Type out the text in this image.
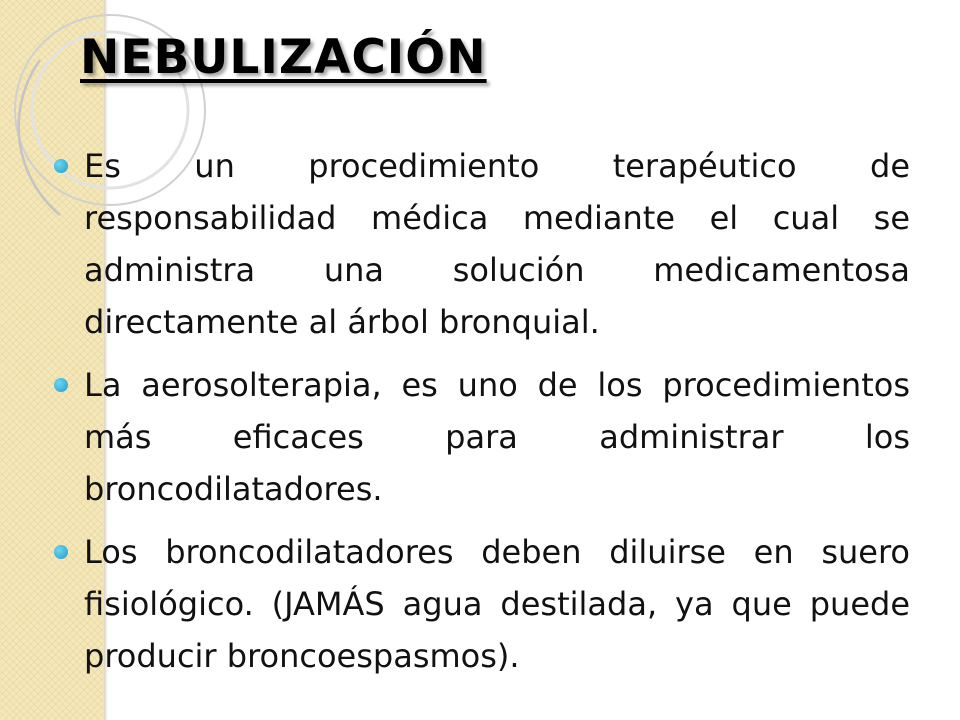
NEBULIZACIÓN
Es un procedimiento terapéutico de responsabilidad médica mediante el cual se administra una solución medicamentosa directamente al árbol bronquial.
La aerosolterapia, es uno de los procedimientos más eficaces para administrar los broncodilatadores.
Los broncodilatadores deben diluirse en suero fisiológico. (JAMÁS agua destilada, ya que puede producir broncoespasmos).
